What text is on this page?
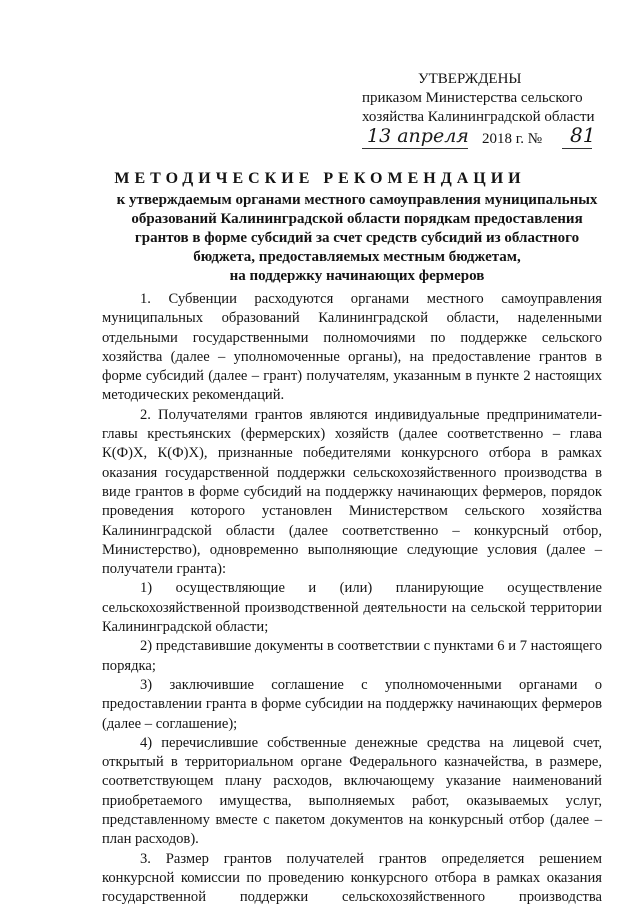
УТВЕРЖДЕНЫ
приказом Министерства сельского
хозяйства Калининградской области
13 апреля 2018 г. № 81
МЕТОДИЧЕСКИЕ РЕКОМЕНДАЦИИ
к утверждаемым органами местного самоуправления муниципальных
образований Калининградской области порядкам предоставления
грантов в форме субсидий за счет средств субсидий из областного
бюджета, предоставляемых местным бюджетам,
на поддержку начинающих фермеров

1. Субвенции расходуются органами местного самоуправления муниципальных образований Калининградской области, наделенными отдельными государственными полномочиями по поддержке сельского хозяйства (далее – уполномоченные органы), на предоставление грантов в форме субсидий (далее – грант) получателям, указанным в пункте 2 настоящих методических рекомендаций.

2. Получателями грантов являются индивидуальные предприниматели-главы крестьянских (фермерских) хозяйств (далее соответственно – глава К(Ф)Х, К(Ф)Х), признанные победителями конкурсного отбора в рамках оказания государственной поддержки сельскохозяйственного производства в виде грантов в форме субсидий на поддержку начинающих фермеров, порядок проведения которого установлен Министерством сельского хозяйства Калининградской области (далее соответственно – конкурсный отбор, Министерство), одновременно выполняющие следующие условия (далее – получатели гранта):

1) осуществляющие и (или) планирующие осуществление сельскохозяйственной производственной деятельности на сельской территории Калининградской области;

2) представившие документы в соответствии с пунктами 6 и 7 настоящего порядка;

3) заключившие соглашение с уполномоченными органами о предоставлении гранта в форме субсидии на поддержку начинающих фермеров (далее – соглашение);

4) перечислившие собственные денежные средства на лицевой счет, открытый в территориальном органе Федерального казначейства, в размере, соответствующем плану расходов, включающему указание наименований приобретаемого имущества, выполняемых работ, оказываемых услуг, представленному вместе с пакетом документов на конкурсный отбор (далее – план расходов).

3. Размер грантов получателей грантов определяется решением конкурсной комиссии по проведению конкурсного отбора в рамках оказания государственной поддержки сельскохозяйственного производства
